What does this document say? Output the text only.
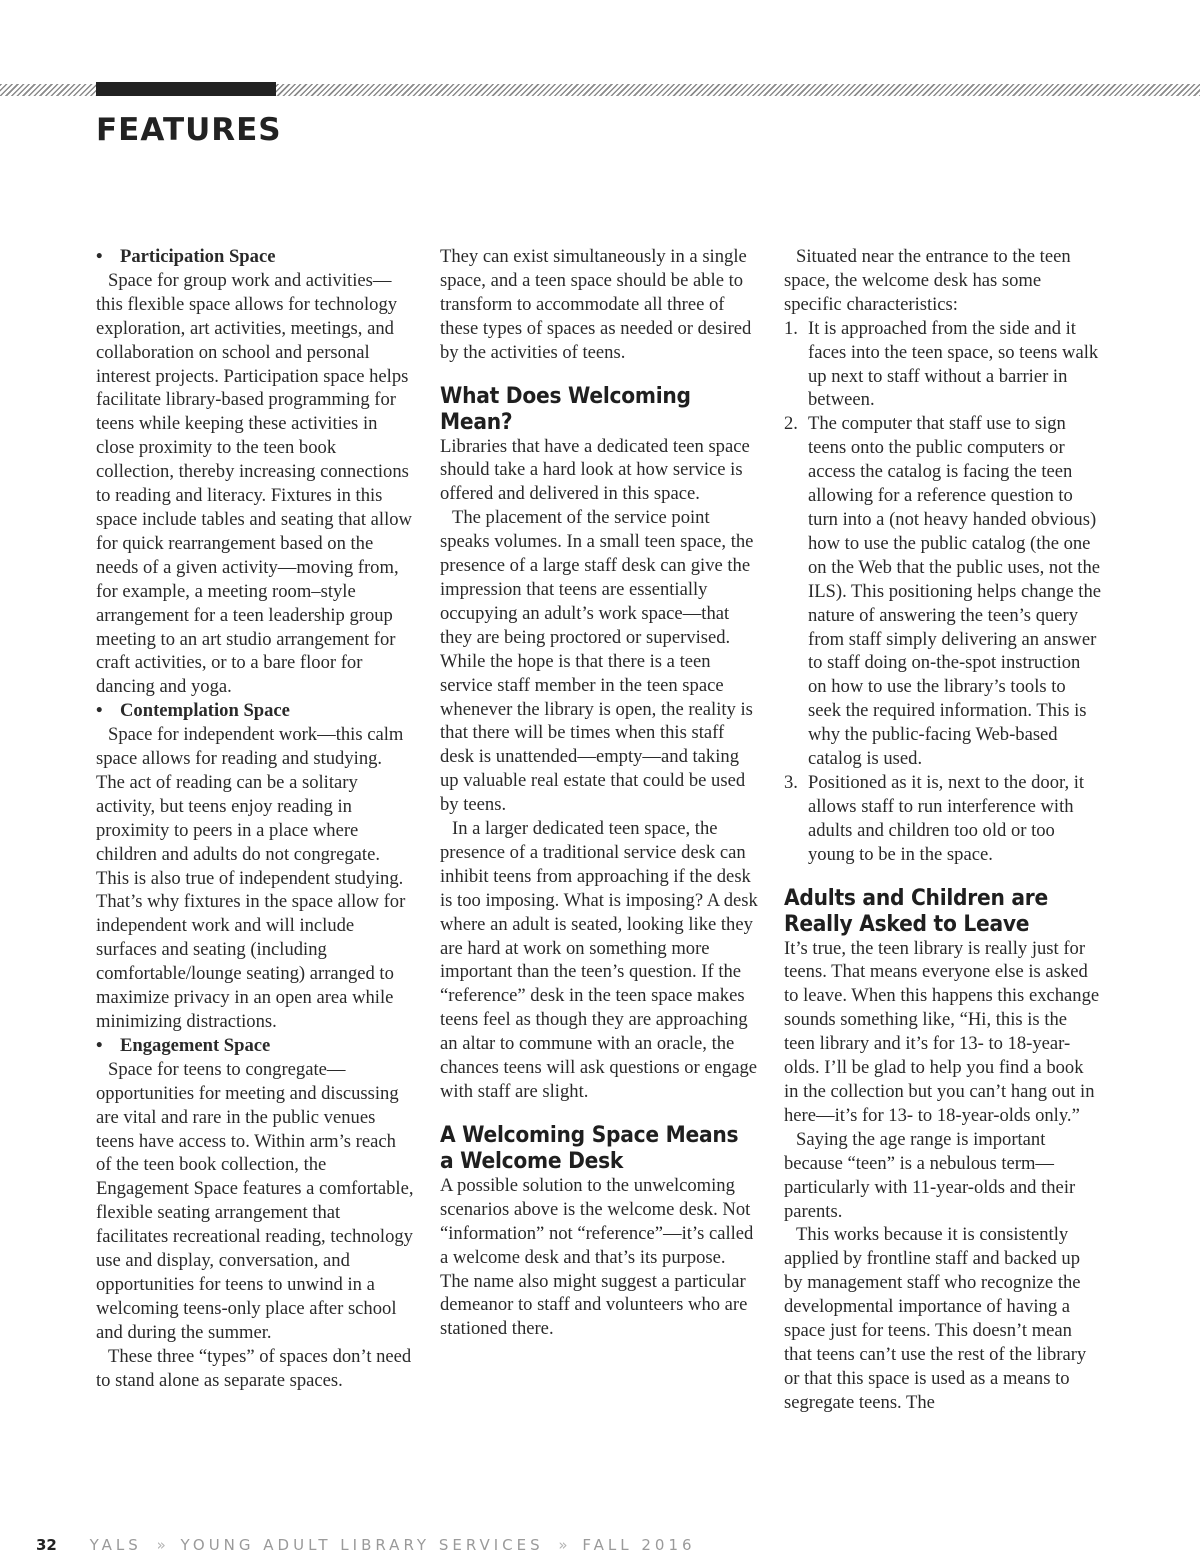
FEATURES
• Participation Space

Space for group work and activities—this flexible space allows for technology exploration, art activities, meetings, and collaboration on school and personal interest projects. Participation space helps facilitate library-based programming for teens while keeping these activities in close proximity to the teen book collection, thereby increasing connections to reading and literacy. Fixtures in this space include tables and seating that allow for quick rearrangement based on the needs of a given activity—moving from, for example, a meeting room–style arrangement for a teen leadership group meeting to an art studio arrangement for craft activities, or to a bare floor for dancing and yoga.

• Contemplation Space

Space for independent work—this calm space allows for reading and studying. The act of reading can be a solitary activity, but teens enjoy reading in proximity to peers in a place where children and adults do not congregate. This is also true of independent studying. That’s why fixtures in the space allow for independent work and will include surfaces and seating (including comfortable/lounge seating) arranged to maximize privacy in an open area while minimizing distractions.

• Engagement Space

Space for teens to congregate—opportunities for meeting and discussing are vital and rare in the public venues teens have access to. Within arm’s reach of the teen book collection, the Engagement Space features a comfortable, flexible seating arrangement that facilitates recreational reading, technology use and display, conversation, and opportunities for teens to unwind in a welcoming teens-only place after school and during the summer.

These three “types” of spaces don’t need to stand alone as separate spaces.

They can exist simultaneously in a single space, and a teen space should be able to transform to accommodate all three of these types of spaces as needed or desired by the activities of teens.

What Does Welcoming Mean?

Libraries that have a dedicated teen space should take a hard look at how service is offered and delivered in this space.

The placement of the service point speaks volumes. In a small teen space, the presence of a large staff desk can give the impression that teens are essentially occupying an adult’s work space—that they are being proctored or supervised. While the hope is that there is a teen service staff member in the teen space whenever the library is open, the reality is that there will be times when this staff desk is unattended—empty—and taking up valuable real estate that could be used by teens.

In a larger dedicated teen space, the presence of a traditional service desk can inhibit teens from approaching if the desk is too imposing. What is imposing? A desk where an adult is seated, looking like they are hard at work on something more important than the teen’s question. If the “reference” desk in the teen space makes teens feel as though they are approaching an altar to commune with an oracle, the chances teens will ask questions or engage with staff are slight.

A Welcoming Space Means a Welcome Desk

A possible solution to the unwelcoming scenarios above is the welcome desk. Not “information” not “reference”—it’s called a welcome desk and that’s its purpose. The name also might suggest a particular demeanor to staff and volunteers who are stationed there.

Situated near the entrance to the teen space, the welcome desk has some specific characteristics:

1. It is approached from the side and it faces into the teen space, so teens walk up next to staff without a barrier in between.
2. The computer that staff use to sign teens onto the public computers or access the catalog is facing the teen allowing for a reference question to turn into a (not heavy handed obvious) how to use the public catalog (the one on the Web that the public uses, not the ILS). This positioning helps change the nature of answering the teen’s query from staff simply delivering an answer to staff doing on-the-spot instruction on how to use the library’s tools to seek the required information. This is why the public-facing Web-based catalog is used.
3. Positioned as it is, next to the door, it allows staff to run interference with adults and children too old or too young to be in the space.
Adults and Children are Really Asked to Leave

It’s true, the teen library is really just for teens. That means everyone else is asked to leave. When this happens this exchange sounds something like, “Hi, this is the teen library and it’s for 13- to 18-year-olds. I’ll be glad to help you find a book in the collection but you can’t hang out in here—it’s for 13- to 18-year-olds only.”

Saying the age range is important because “teen” is a nebulous term—particularly with 11-year-olds and their parents.

This works because it is consistently applied by frontline staff and backed up by management staff who recognize the developmental importance of having a space just for teens. This doesn’t mean that teens can’t use the rest of the library or that this space is used as a means to segregate teens. The

32 YALS » YOUNG ADULT LIBRARY SERVICES » FALL 2016
